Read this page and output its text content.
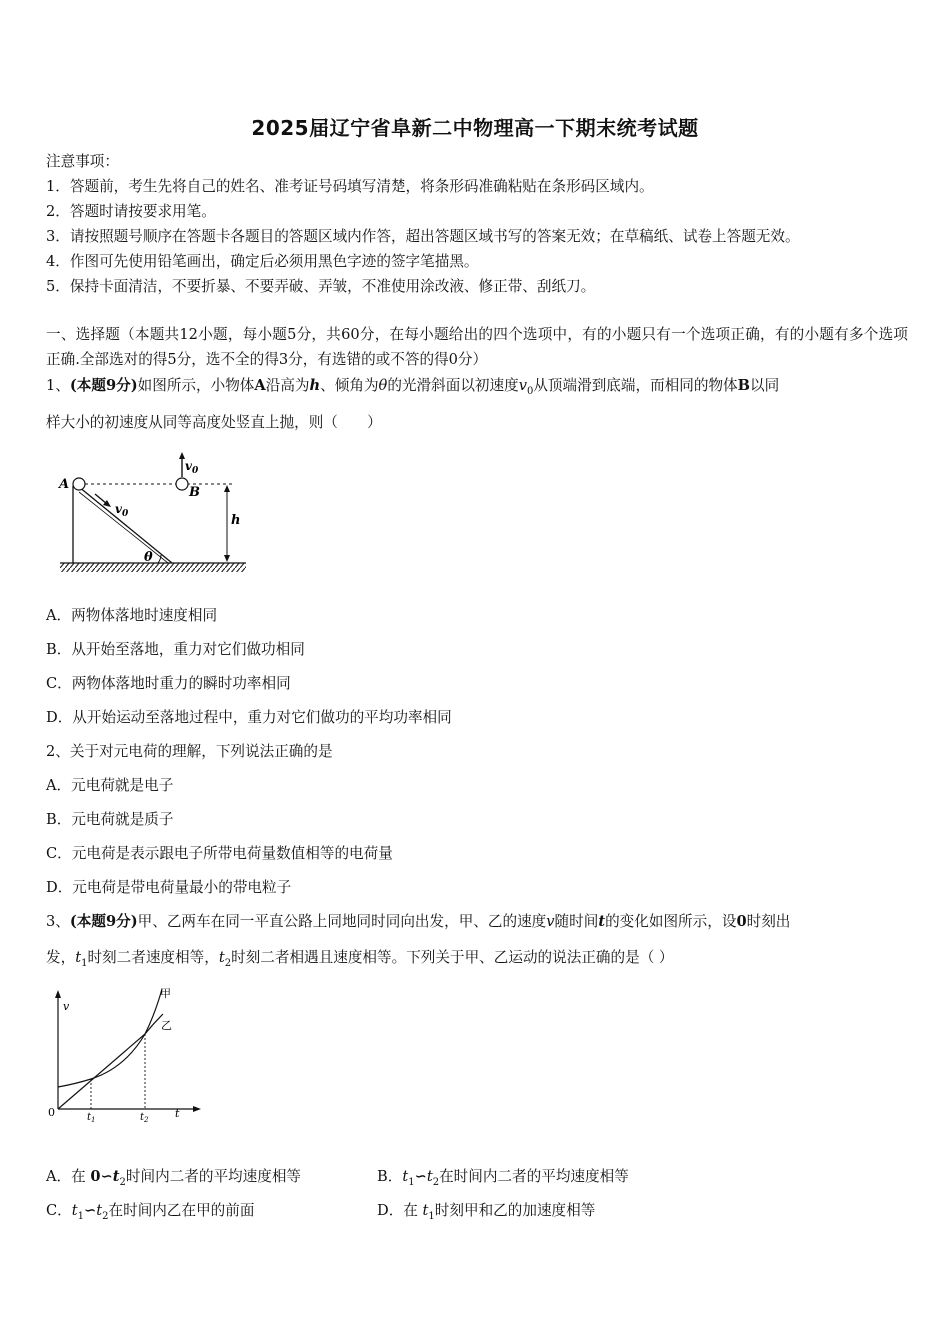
2025届辽宁省阜新二中物理高一下期末统考试题
注意事项：
1．答题前，考生先将自己的姓名、准考证号码填写清楚，将条形码准确粘贴在条形码区域内。
2．答题时请按要求用笔。
3．请按照题号顺序在答题卡各题目的答题区域内作答，超出答题区域书写的答案无效；在草稿纸、试卷上答题无效。
4．作图可先使用铅笔画出，确定后必须用黑色字迹的签字笔描黑。
5．保持卡面清洁，不要折暴、不要弄破、弄皱，不准使用涂改液、修正带、刮纸刀。
一、选择题（本题共12小题，每小题5分，共60分，在每小题给出的四个选项中，有的小题只有一个选项正确，有的小题有多个选项正确.全部选对的得5分，选不全的得3分，有选错的或不答的得0分）
1、(本题9分)如图所示，小物体A沿高为h、倾角为θ的光滑斜面以初速度$v_0$从顶端滑到底端，而相同的物体B以同
样大小的初速度从同等高度处竖直上抛，则（　　）
A
B
h
$v_0$
$v_0$
θ
A．两物体落地时速度相同
B．从开始至落地，重力对它们做功相同
C．两物体落地时重力的瞬时功率相同
D．从开始运动至落地过程中，重力对它们做功的平均功率相同
2、关于对元电荷的理解，下列说法正确的是
A．元电荷就是电子
B．元电荷就是质子
C．元电荷是表示跟电子所带电荷量数值相等的电荷量
D．元电荷是带电荷量最小的带电粒子
3、(本题9分)甲、乙两车在同一平直公路上同地同时同向出发，甲、乙的速度v随时间t的变化如图所示，设0时刻出
发，$t_1$时刻二者速度相等，$t_2$时刻二者相遇且速度相等。下列关于甲、乙运动的说法正确的是（ ）
v
t
0	$t_1$	$t_2$
甲
乙
A．在 $0∽t_2$时间内二者的平均速度相等	B．$t_1∽t_2$在时间内二者的平均速度相等
C．$t_1∽t_2$在时间内乙在甲的前面	D．在 $t_1$时刻甲和乙的加速度相等
